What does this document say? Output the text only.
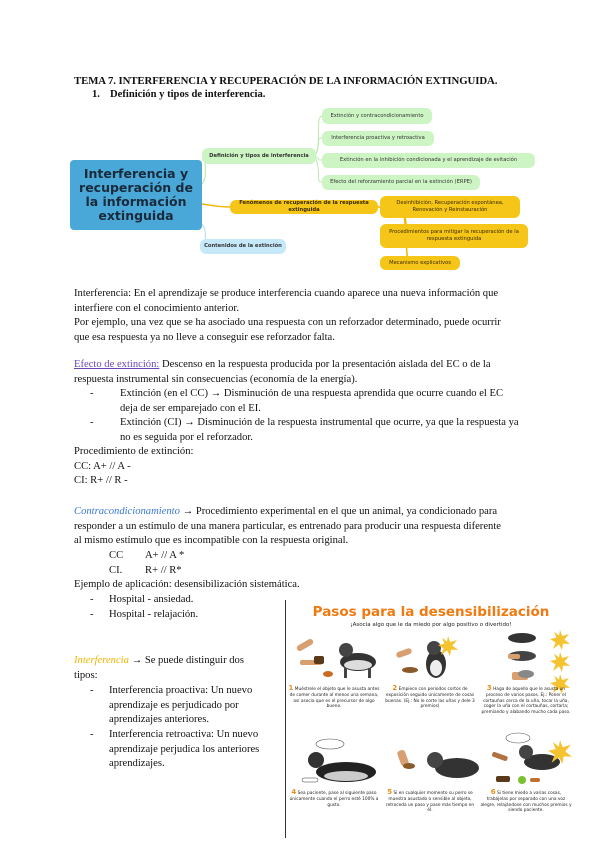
TEMA 7. INTERFERENCIA Y RECUPERACIÓN DE LA INFORMACIÓN EXTINGUIDA.
1. Definición y tipos de interferencia.
Interferencia y recuperación de la información extinguida
Definición y tipos de interferencia
Extinción y contracondicionamiento
Interferencia proactiva y retroactiva
Extinción en la inhibición condicionada y el aprendizaje de evitación
Efecto del reforzamiento parcial en la extinción (ERPE)
Fenómenos de recuperación de la respuesta extinguida
Desinhibición, Recuperación espontánea, Renovación y Reinstauración
Procedimientos para mitigar la recuperación de la respuesta extinguida
Mecanismo explicativos
Contenidos de la extinción
Interferencia: En el aprendizaje se produce interferencia cuando aparece una nueva información que
interfiere con el conocimiento anterior.
Por ejemplo, una vez que se ha asociado una respuesta con un reforzador determinado, puede ocurrir
que esa respuesta ya no lleve a conseguir ese reforzador falta.
Efecto de extinción: Descenso en la respuesta producida por la presentación aislada del EC o de la
respuesta instrumental sin consecuencias (economía de la energía).
- Extinción (en el CC) → Disminución de una respuesta aprendida que ocurre cuando el EC
deja de ser emparejado con el EI.
- Extinción (CI) → Disminución de la respuesta instrumental que ocurre, ya que la respuesta ya
no es seguida por el reforzador.
Procedimiento de extinción:
CC: A+ // A -
CI: R+ // R -
Contracondicionamiento → Procedimiento experimental en el que un animal, ya condicionado para
responder a un estímulo de una manera particular, es entrenado para producir una respuesta diferente
al mismo estímulo que es incompatible con la respuesta original.
CC A+ // A *
CI. R+ // R*
Ejemplo de aplicación: desensibilización sistemática.
- Hospital - ansiedad.
- Hospital - relajación.
Interferencia → Se puede distinguir dos
tipos:
- Interferencia proactiva: Un nuevo
aprendizaje es perjudicado por
aprendizajes anteriores.
- Interferencia retroactiva: Un nuevo
aprendizaje perjudica los anteriores
aprendizajes.
Pasos para la desensibilización
¡Asocia algo que le da miedo por algo positivo o divertido!
1 Muéstrele el objeto que le asusta antes de comer durante al menos una semana, así asocia que es el precursor de algo bueno.
2 Empiece con periodos cortos de exposición seguido únicamente de cosas buenas. (Ej.: No le corte las uñas y dele 3 premios)
3 Haga de aquello que le asusta un proceso de varios pasos. Ej.: Poner el cortauñas cerca de la uña, tocar la uña, coger la uña con el cortauñas, cortarla; premiando y alabando mucho cada paso.
4 Sea paciente, pase al siguiente paso únicamente cuando el perro esté 100% a gusto.
5 Si en cualquier momento su perro se muestra asustado o sensible al objeto, retroceda un paso y pase más tiempo en él.
6 Si tiene miedo a varias cosas, trabájelas por separado con una voz alegre, relajándose con muchos premios y siendo paciente.
